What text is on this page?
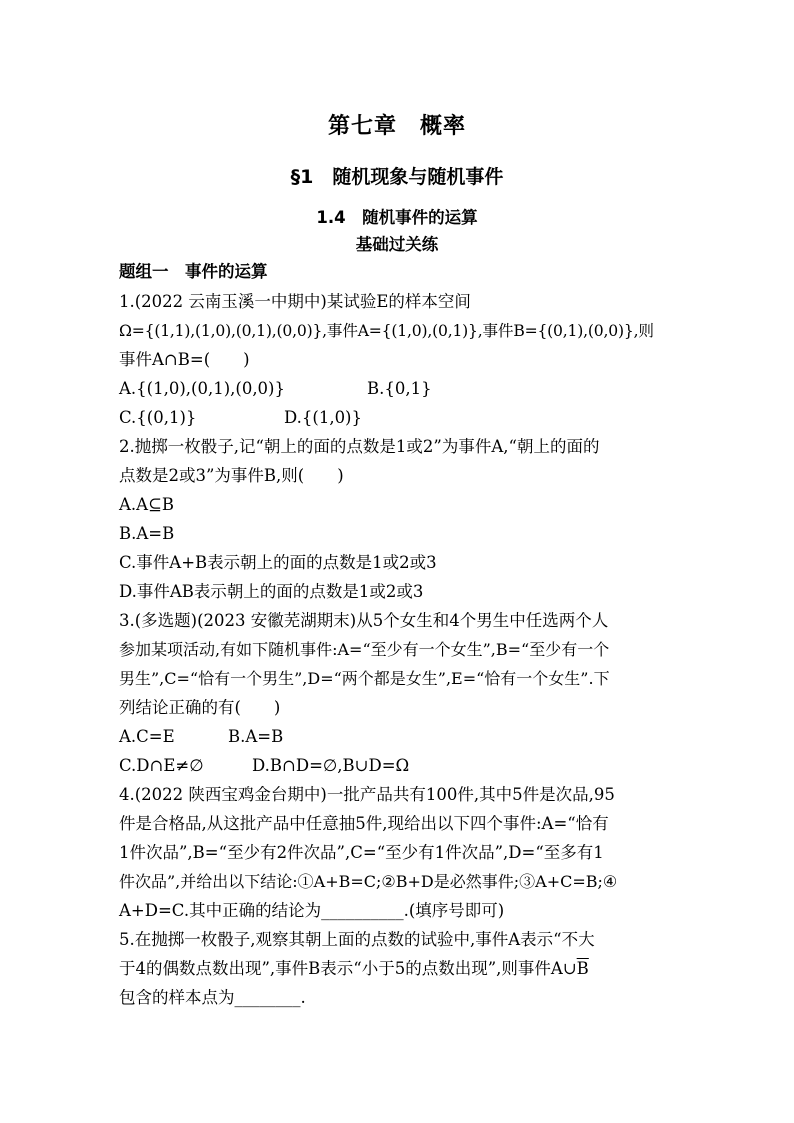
第七章　概率
§1　随机现象与随机事件
1.4　随机事件的运算
基础过关练
题组一　事件的运算
1.(2022 云南玉溪一中期中)某试验E的样本空间
Ω={(1,1),(1,0),(0,1),(0,0)},事件A={(1,0),(0,1)},事件B={(0,1),(0,0)},则
事件A∩B=(　　)
A.{(1,0),(0,1),(0,0)}	B.{0,1}
C.{(0,1)}	D.{(1,0)}
2.抛掷一枚骰子,记“朝上的面的点数是1或2”为事件A,“朝上的面的
点数是2或3”为事件B,则(　　)
A.A⊆B
B.A=B
C.事件A+B表示朝上的面的点数是1或2或3
D.事件AB表示朝上的面的点数是1或2或3
3.(多选题)(2023 安徽芜湖期末)从5个女生和4个男生中任选两个人
参加某项活动,有如下随机事件:A=“至少有一个女生”,B=“至少有一个
男生”,C=“恰有一个男生”,D=“两个都是女生”,E=“恰有一个女生”.下
列结论正确的有(　　)
A.C=E	B.A=B
C.D∩E≠∅	D.B∩D=∅,B∪D=Ω
4.(2022 陕西宝鸡金台期中)一批产品共有100件,其中5件是次品,95
件是合格品,从这批产品中任意抽5件,现给出以下四个事件:A=“恰有
1件次品”,B=“至少有2件次品”,C=“至少有1件次品”,D=“至多有1
件次品”,并给出以下结论:①A+B=C;②B+D是必然事件;③A+C=B;④
A+D=C.其中正确的结论为__________.(填序号即可)
5.在抛掷一枚骰子,观察其朝上面的点数的试验中,事件A表示“不大
于4的偶数点数出现”,事件B表示“小于5的点数出现”,则事件$A\cup\overline{B}$
包含的样本点为________.
